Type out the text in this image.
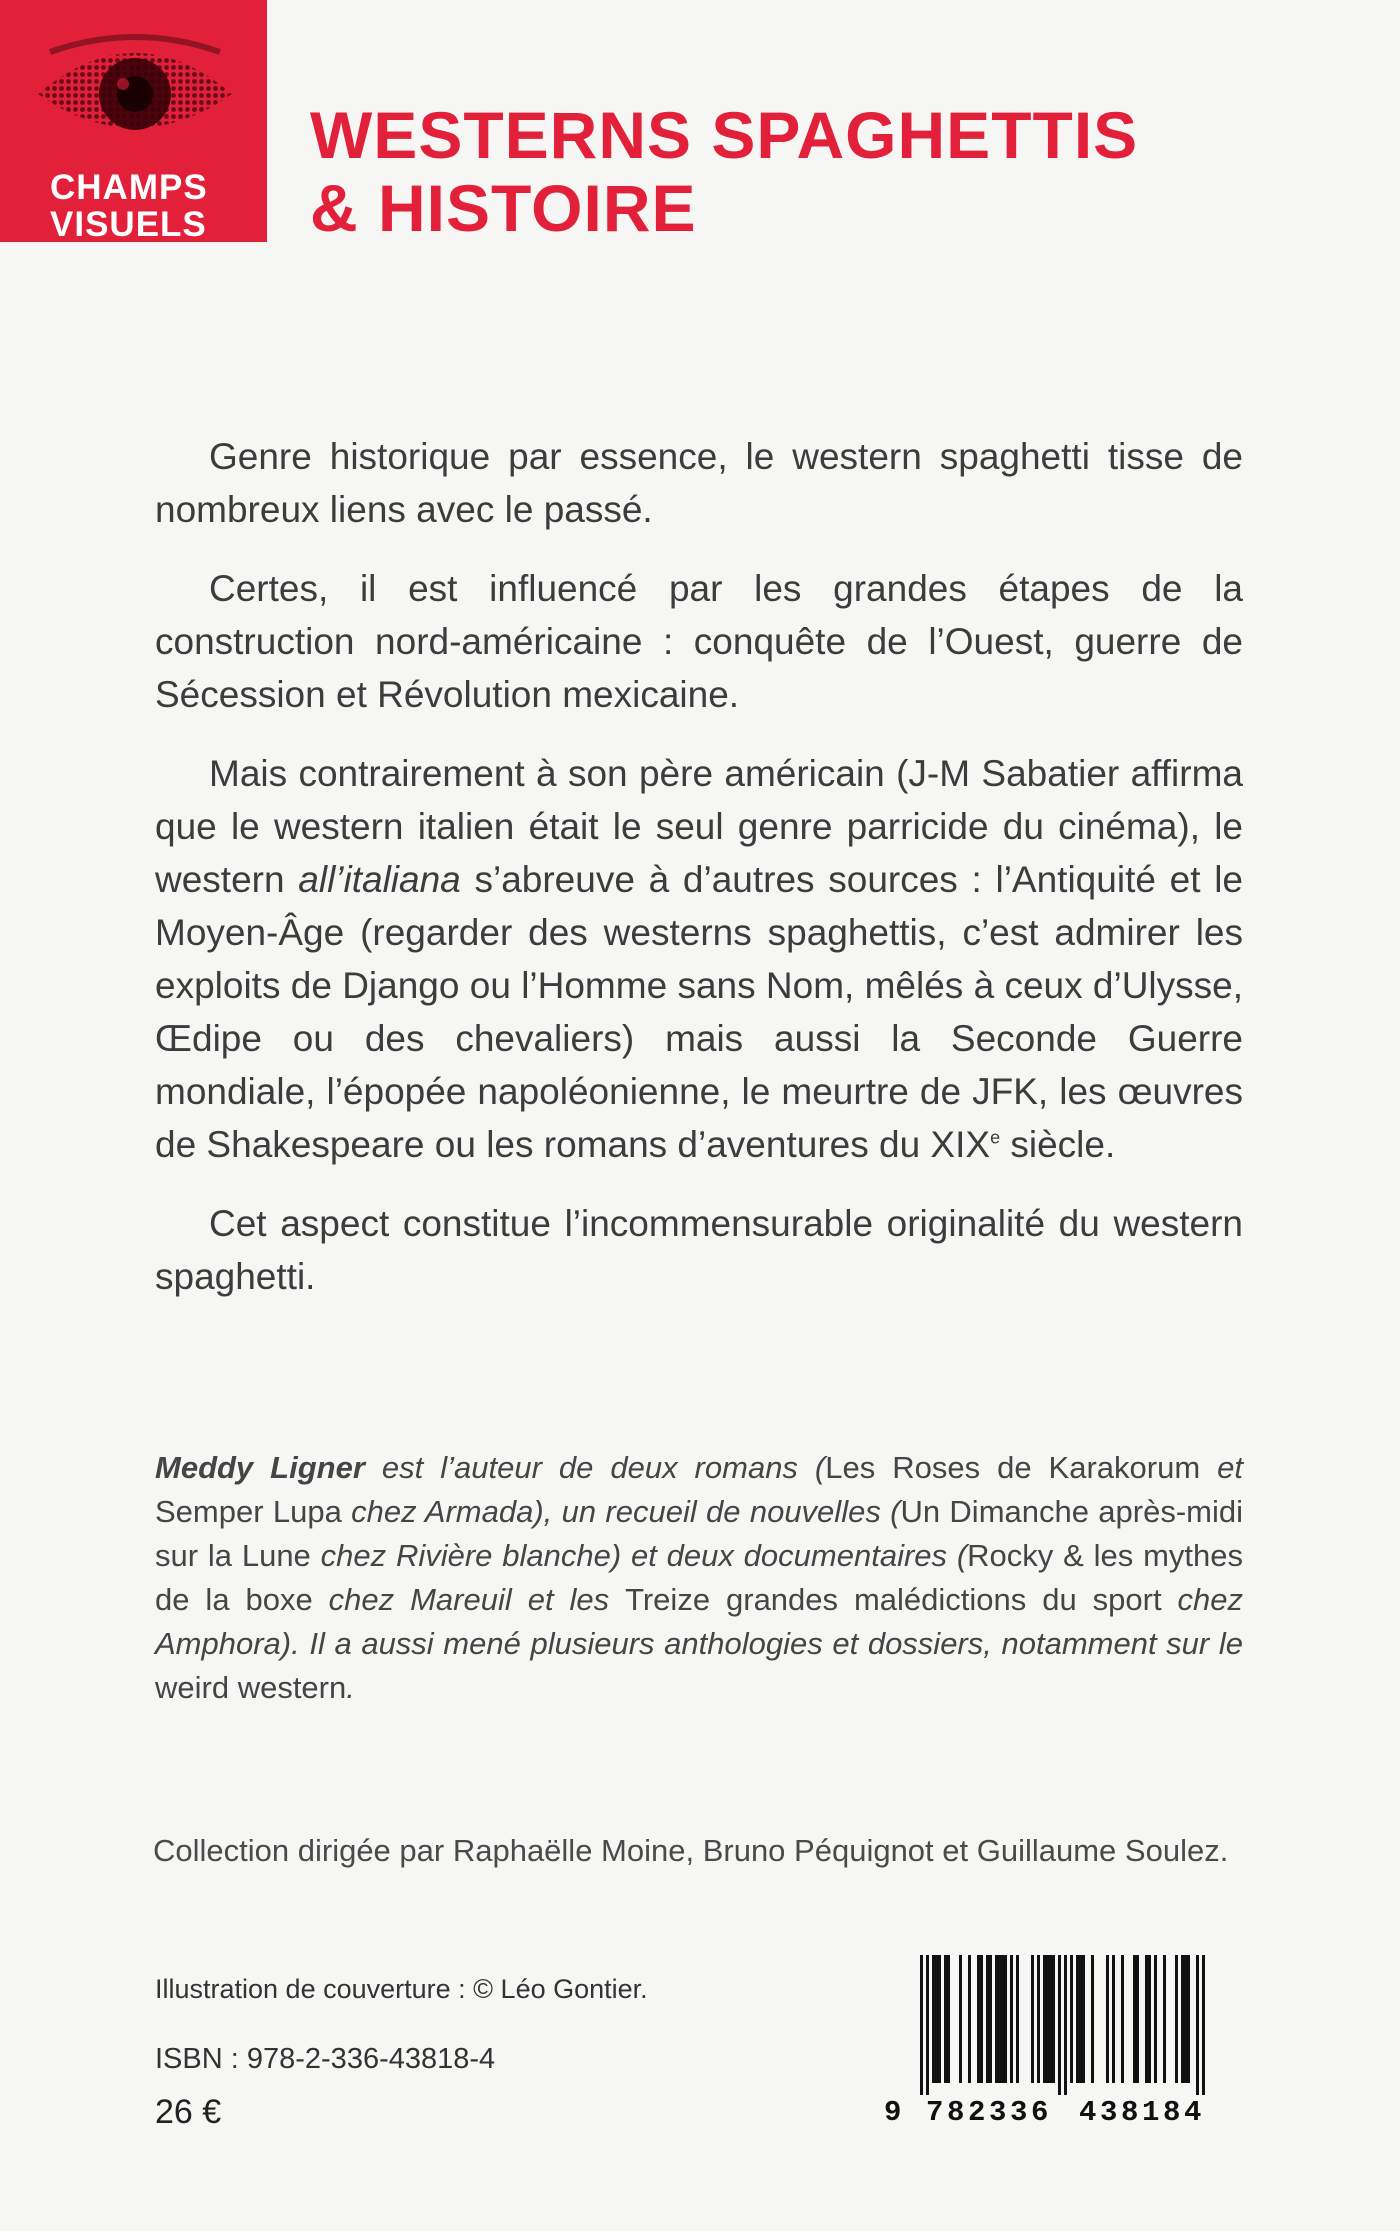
CHAMPS
VISUELS
WESTERNS SPAGHETTIS
& HISTOIRE

Genre historique par essence, le western spaghetti tisse de nombreux liens avec le passé.

Certes, il est influencé par les grandes étapes de la construction nord-américaine : conquête de l’Ouest, guerre de Sécession et Révolution mexicaine.

Mais contrairement à son père américain (J-M Sabatier affirma que le western italien était le seul genre parricide du cinéma), le western all’italiana s’abreuve à d’autres sources : l’Antiquité et le Moyen-Âge (regarder des westerns spaghettis, c’est admirer les exploits de Django ou l’Homme sans Nom, mêlés à ceux d’Ulysse, Œdipe ou des chevaliers) mais aussi la Seconde Guerre mondiale, l’épopée napoléonienne, le meurtre de JFK, les œuvres de Shakespeare ou les romans d’aventures du XIXe siècle.

Cet aspect constitue l’incommensurable originalité du western spaghetti.

Meddy Ligner est l’auteur de deux romans (Les Roses de Karakorum et Semper Lupa chez Armada), un recueil de nouvelles (Un Dimanche après-midi sur la Lune chez Rivière blanche) et deux documentaires (Rocky & les mythes de la boxe chez Mareuil et les Treize grandes malédictions du sport chez Amphora). Il a aussi mené plusieurs anthologies et dossiers, notamment sur le weird western.
Collection dirigée par Raphaëlle Moine, Bruno Péquignot et Guillaume Soulez.
Illustration de couverture : © Léo Gontier.
ISBN : 978-2-336-43818-4
26 €	9 782336 438184
